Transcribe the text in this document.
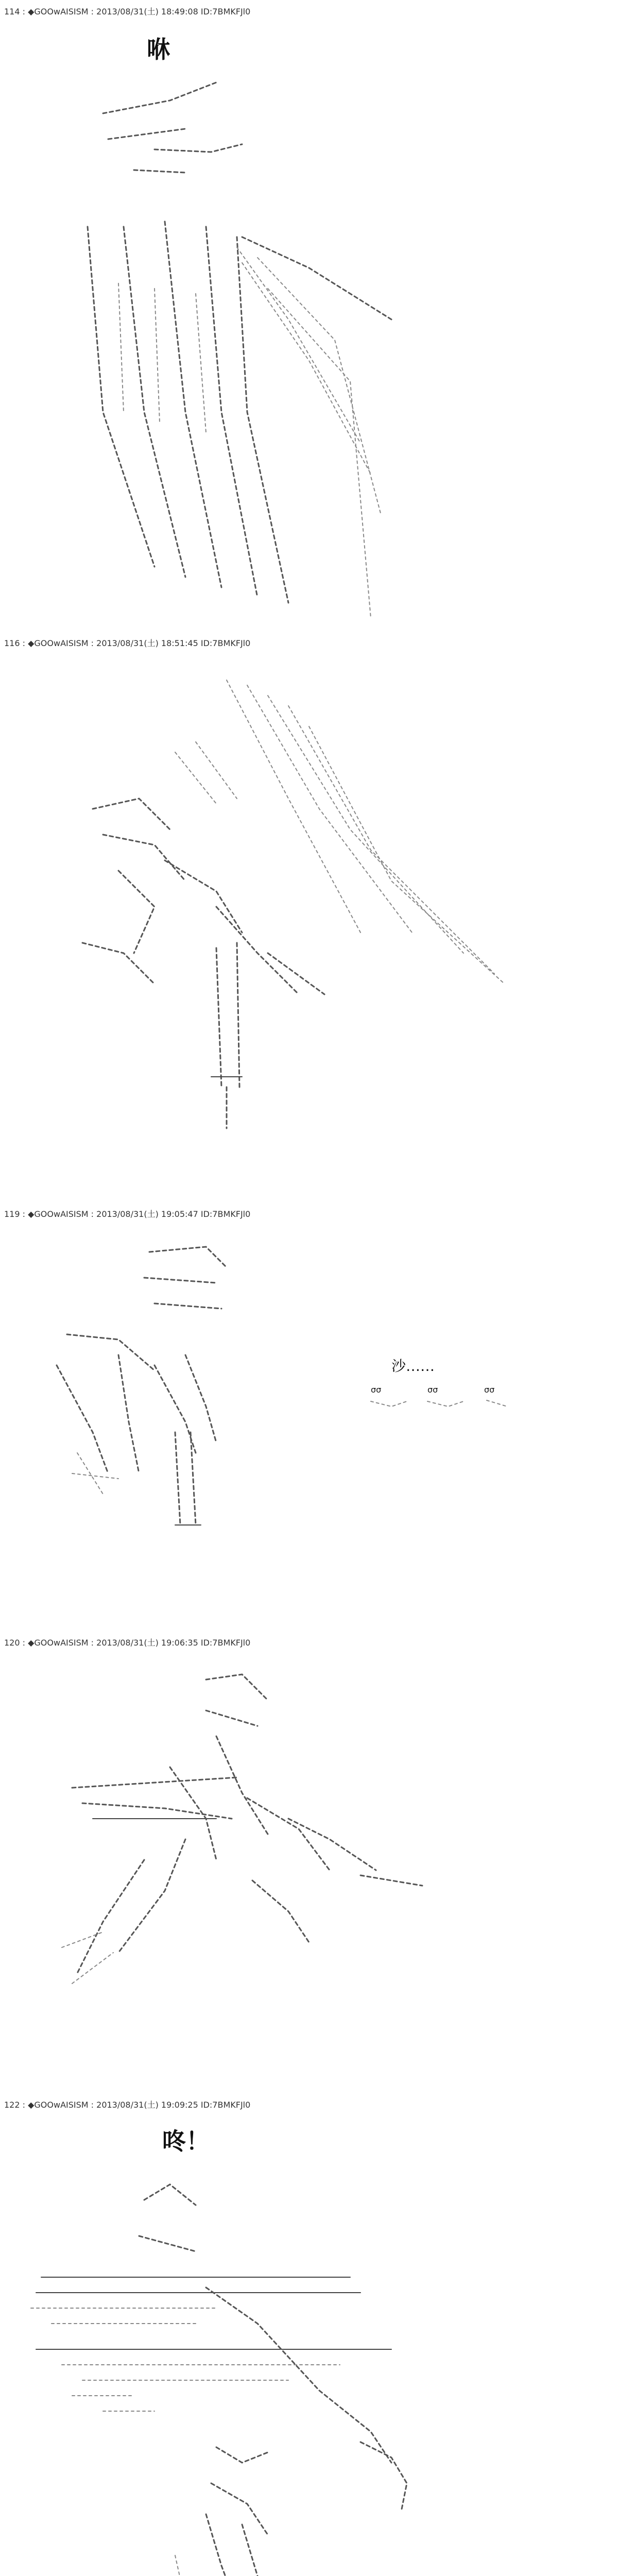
114 : ◆GOOwAISISM : 2013/08/31(土) 18:49:08 ID:7BMKFJl0
咻
116 : ◆GOOwAISISM : 2013/08/31(土) 18:51:45 ID:7BMKFJl0
119 : ◆GOOwAISISM : 2013/08/31(土) 19:05:47 ID:7BMKFJl0
沙……
σσ	σσ	σσ
120 : ◆GOOwAISISM : 2013/08/31(土) 19:06:35 ID:7BMKFJl0
122 : ◆GOOwAISISM : 2013/08/31(土) 19:09:25 ID:7BMKFJl0
咚！
